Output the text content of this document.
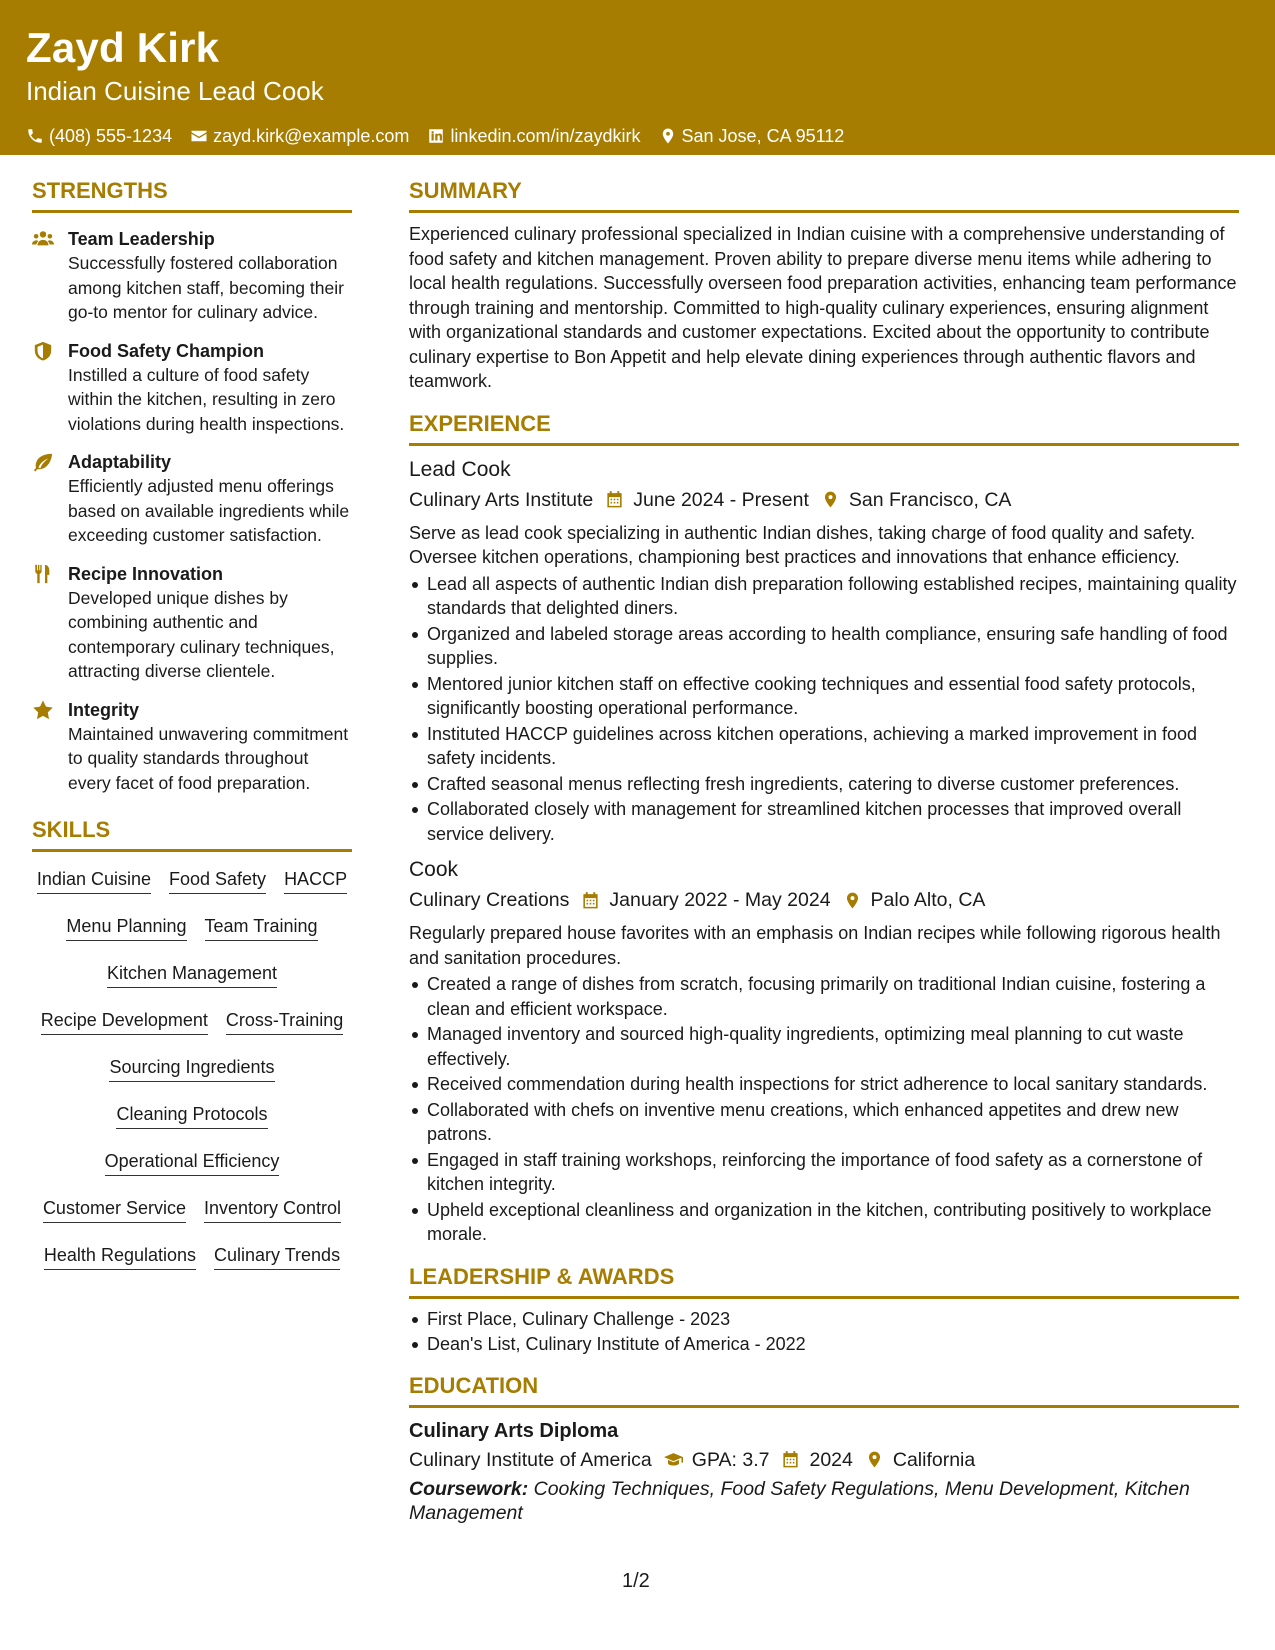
Zayd Kirk
Indian Cuisine Lead Cook
(408) 555-1234 zayd.kirk@example.com linkedin.com/in/zaydkirk San Jose, CA 95112
STRENGTHS
Team Leadership
Successfully fostered collaboration among kitchen staff, becoming their go-to mentor for culinary advice.
Food Safety Champion
Instilled a culture of food safety within the kitchen, resulting in zero violations during health inspections.
Adaptability
Efficiently adjusted menu offerings based on available ingredients while exceeding customer satisfaction.
Recipe Innovation
Developed unique dishes by combining authentic and contemporary culinary techniques, attracting diverse clientele.
Integrity
Maintained unwavering commitment to quality standards throughout every facet of food preparation.
SKILLS
Indian Cuisine Food Safety HACCP
Menu Planning Team Training
Kitchen Management
Recipe Development Cross-Training
Sourcing Ingredients
Cleaning Protocols
Operational Efficiency
Customer Service Inventory Control
Health Regulations Culinary Trends
SUMMARY
Experienced culinary professional specialized in Indian cuisine with a comprehensive understanding of food safety and kitchen management. Proven ability to prepare diverse menu items while adhering to local health regulations. Successfully overseen food preparation activities, enhancing team performance through training and mentorship. Committed to high-quality culinary experiences, ensuring alignment with organizational standards and customer expectations. Excited about the opportunity to contribute culinary expertise to Bon Appetit and help elevate dining experiences through authentic flavors and teamwork.
EXPERIENCE
Lead Cook
Culinary Arts Institute June 2024 - Present San Francisco, CA
Serve as lead cook specializing in authentic Indian dishes, taking charge of food quality and safety. Oversee kitchen operations, championing best practices and innovations that enhance efficiency.
Lead all aspects of authentic Indian dish preparation following established recipes, maintaining quality standards that delighted diners.
Organized and labeled storage areas according to health compliance, ensuring safe handling of food supplies.
Mentored junior kitchen staff on effective cooking techniques and essential food safety protocols, significantly boosting operational performance.
Instituted HACCP guidelines across kitchen operations, achieving a marked improvement in food safety incidents.
Crafted seasonal menus reflecting fresh ingredients, catering to diverse customer preferences.
Collaborated closely with management for streamlined kitchen processes that improved overall service delivery.
Cook
Culinary Creations January 2022 - May 2024 Palo Alto, CA
Regularly prepared house favorites with an emphasis on Indian recipes while following rigorous health and sanitation procedures.
Created a range of dishes from scratch, focusing primarily on traditional Indian cuisine, fostering a clean and efficient workspace.
Managed inventory and sourced high-quality ingredients, optimizing meal planning to cut waste effectively.
Received commendation during health inspections for strict adherence to local sanitary standards.
Collaborated with chefs on inventive menu creations, which enhanced appetites and drew new patrons.
Engaged in staff training workshops, reinforcing the importance of food safety as a cornerstone of kitchen integrity.
Upheld exceptional cleanliness and organization in the kitchen, contributing positively to workplace morale.
LEADERSHIP & AWARDS
First Place, Culinary Challenge - 2023
Dean's List, Culinary Institute of America - 2022
EDUCATION
Culinary Arts Diploma
Culinary Institute of America GPA: 3.7 2024 California
Coursework: Cooking Techniques, Food Safety Regulations, Menu Development, Kitchen Management
1/2
